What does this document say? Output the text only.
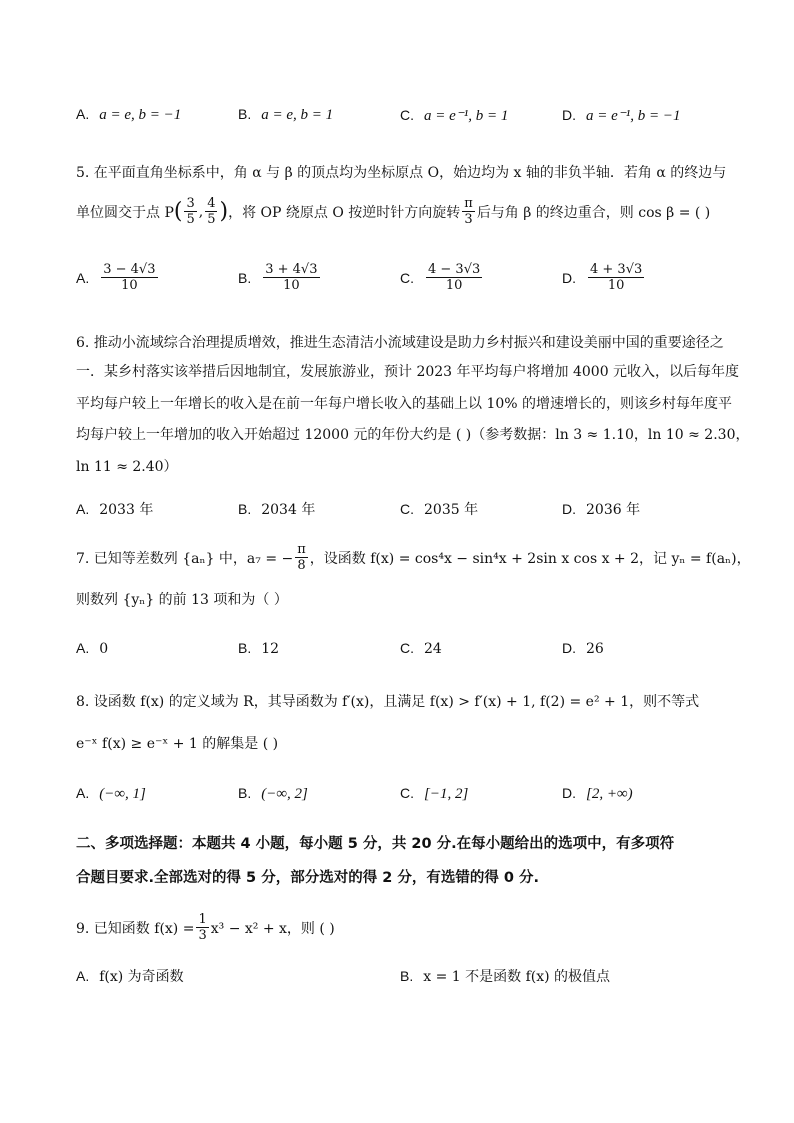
A. a = e, b = −1	B. a = e, b = 1	C. a = e⁻¹, b = 1	D. a = e⁻¹, b = −1
5. 在平面直角坐标系中，角 α 与 β 的顶点均为坐标原点 O，始边均为 x 轴的非负半轴．若角 α 的终边与
单位圆交于点 P ( $\frac{3}{5}$ , $\frac{4}{5}$ ) ，将 OP 绕原点 O 按逆时针方向旋转 $\frac{\pi}{3}$ 后与角 β 的终边重合，则 cos β = ( )
A. $\frac{3 - 4√3}{10}$	B. $\frac{3 + 4√3}{10}$	C. $\frac{4 - 3√3}{10}$	D. $\frac{4 + 3√3}{10}$
6. 推动小流域综合治理提质增效，推进生态清洁小流域建设是助力乡村振兴和建设美丽中国的重要途径之
一．某乡村落实该举措后因地制宜，发展旅游业，预计 2023 年平均每户将增加 4000 元收入，以后每年度
平均每户较上一年增长的收入是在前一年每户增长收入的基础上以 10% 的增速增长的，则该乡村每年度平
均每户较上一年增加的收入开始超过 12000 元的年份大约是 ( )（参考数据：ln 3 ≈ 1.10，ln 10 ≈ 2.30，
ln 11 ≈ 2.40）
A. 2033 年	B. 2034 年	C. 2035 年	D. 2036 年
7. 已知等差数列 {aₙ} 中，a₇ = − $\frac{\pi}{8}$ ，设函数 f(x) = cos⁴x − sin⁴x + 2sin x cos x + 2，记 yₙ = f(aₙ)，
则数列 {yₙ} 的前 13 项和为（ ）
A. 0	B. 12	C. 24	D. 26
8. 设函数 f(x) 的定义域为 R，其导函数为 f′(x)，且满足 f(x) > f′(x) + 1, f(2) = e² + 1，则不等式
e⁻ˣ f(x) ≥ e⁻ˣ + 1 的解集是 ( )
A. (−∞, 1]	B. (−∞, 2]	C. [−1, 2]	D. [2, +∞)
二、多项选择题：本题共 4 小题，每小题 5 分，共 20 分.在每小题给出的选项中，有多项符
合题目要求.全部选对的得 5 分，部分选对的得 2 分，有选错的得 0 分.
9. 已知函数 $f(x) = \frac{1}{3} x^3 - x^2 + x$，则 ( )
A. f(x) 为奇函数	B. x = 1 不是函数 f(x) 的极值点
